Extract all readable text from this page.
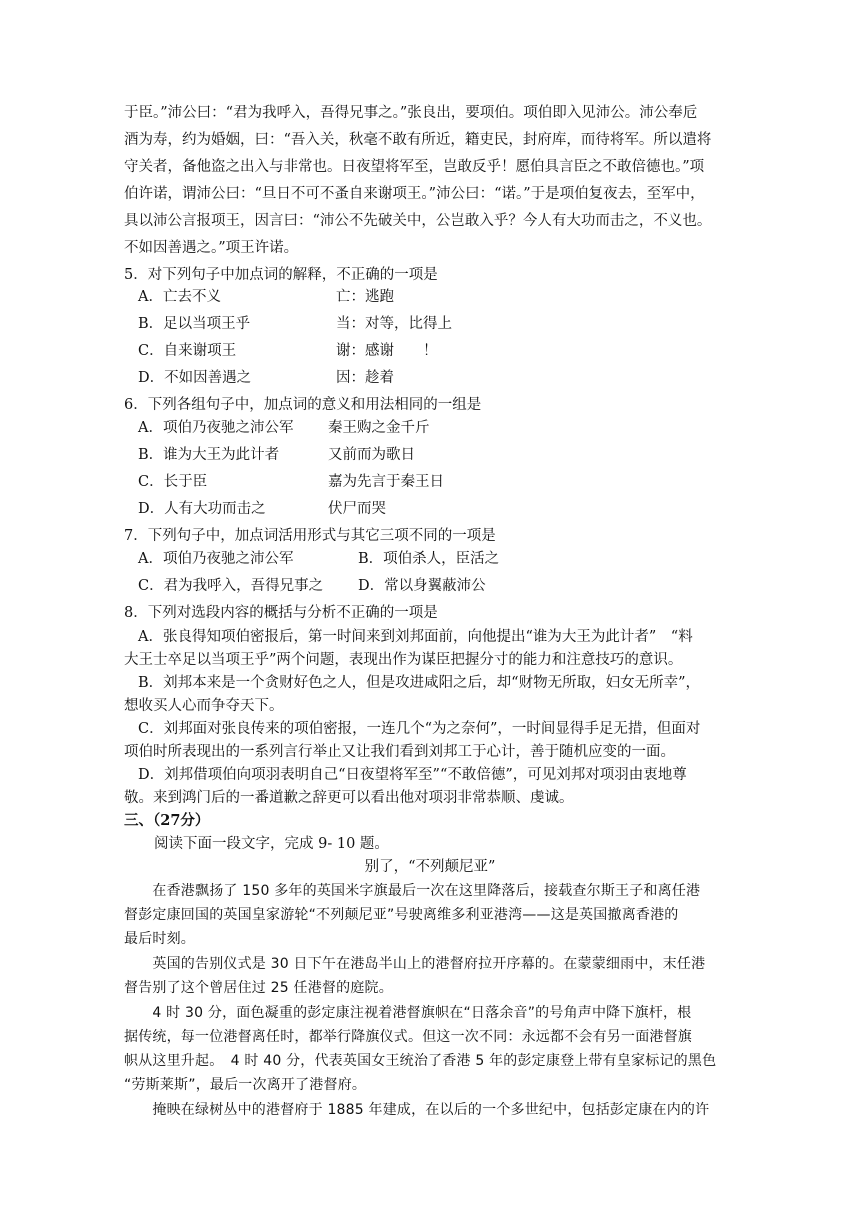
于臣。”沛公曰：“君为我呼入，吾得兄事之。”张良出，要项伯。项伯即入见沛公。沛公奉卮
酒为寿，约为婚姻，曰：“吾入关，秋毫不敢有所近，籍吏民，封府库，而待将军。所以遣将
守关者，备他盗之出入与非常也。日夜望将军至，岂敢反乎！愿伯具言臣之不敢倍德也。”项
伯许诺，谓沛公曰：“旦日不可不蚤自来谢项王。”沛公曰：“诺。”于是项伯复夜去，至军中，
具以沛公言报项王，因言曰：“沛公不先破关中，公岂敢入乎？今人有大功而击之，不义也。
不如因善遇之。”项王许诺。
5．对下列句子中加点词的解释，不正确的一项是
A．亡去不义	亡：逃跑
B．足以当项王乎	当：对等，比得上
C．自来谢项王	谢：感谢　　！
D．不如因善遇之	因：趁着
6．下列各组句子中，加点词的意义和用法相同的一组是
A．项伯乃夜驰之沛公军 秦王购之金千斤
B．谁为大王为此计者	又前而为歌日
C．长于臣	嘉为先言于秦王日
D．人有大功而击之	伏尸而哭
7．下列句子中，加点词活用形式与其它三项不同的一项是
A．项伯乃夜驰之沛公军	B．项伯杀人，臣活之
C．君为我呼入，吾得兄事之 D．常以身翼蔽沛公
8．下列对选段内容的概括与分析不正确的一项是
A．张良得知项伯密报后，第一时间来到刘邦面前，向他提出“谁为大王为此计者”　“料
大王士卒足以当项王乎”两个问题，表现出作为谋臣把握分寸的能力和注意技巧的意识。
B．刘邦本来是一个贪财好色之人，但是攻进咸阳之后，却“财物无所取，妇女无所幸”，
想收买人心而争夺天下。
C．刘邦面对张良传来的项伯密报，一连几个“为之奈何”，一时间显得手足无措，但面对
项伯时所表现出的一系列言行举止又让我们看到刘邦工于心计，善于随机应变的一面。
D．刘邦借项伯向项羽表明自己“日夜望将军至”“不敢倍德”，可见刘邦对项羽由衷地尊
敬。来到鸿门后的一番道歉之辞更可以看出他对项羽非常恭顺、虔诚。
三、（27分）
阅读下面一段文字，完成 9- 10 题。
别了，“不列颠尼亚”
　　在香港飘扬了 150 多年的英国米字旗最后一次在这里降落后，接载查尔斯王子和离任港
督彭定康回国的英国皇家游轮“不列颠尼亚”号驶离维多利亚港湾——这是英国撤离香港的
最后时刻。
　　英国的告别仪式是 30 日下午在港岛半山上的港督府拉开序幕的。在蒙蒙细雨中，末任港
督告别了这个曾居住过 25 任港督的庭院。
　　4 时 30 分，面色凝重的彭定康注视着港督旗帜在“日落余音”的号角声中降下旗杆，根
据传统，每一位港督离任时，都举行降旗仪式。但这一次不同：永远都不会有另一面港督旗
帜从这里升起。　4 时 40 分，代表英国女王统治了香港 5 年的彭定康登上带有皇家标记的黑色
“劳斯莱斯”，最后一次离开了港督府。
　　掩映在绿树丛中的港督府于 1885 年建成，在以后的一个多世纪中，包括彭定康在内的许
